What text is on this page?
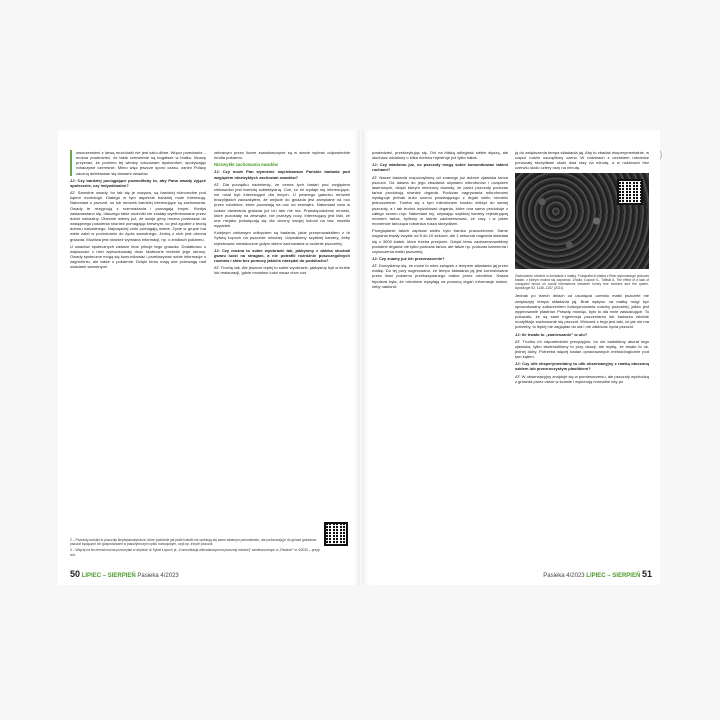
owoczerwieni z larwą muchówki nie jest szko-dliwe. Wręcz przeciwnie – można powiedzieć, że takie czerwienie są bogatsze w białko. Muszę przyznać, że pomimo tej wiedzy odczuwam dyskomfort, spożywając robaczywe czereśnie. Mimo więc jeszcze sporo czasu, zanim Polacy zaczną delektować się larwami owadów.

JJ: Czy bardziej pociągające pozwoliłoby to, aby Pana owady żyjące społecznie, czy indywidualne?

AT: Samotne owady, bo tak się je nazywa, są bardziej różnorodne pod kątem morfologii. Dlatego w tym aspekcie bardziej mnie interesują. Natomiast u pszczół, os lub mrówek bardziej interesujące są zachowania. Owady te rezygnują z rozmnażania i pomagają innym. Kiedyś zastanawiano się, dlaczego takie osobniki nie zostały wyeliminowane przez dobór naturalny. Obecnie wiemy już, że swoje geny można przekazać do następnego pokolenia również pomagając krewnym, co jest zgodne z teorią doboru naturalnego. Najczęściej córki pomagają matce. Życie w grupie ma wiele zalet w porównaniu do życia samotnego. Jedną z nich jest obrona gniazda. Możliwa jest również wymiana informacji, np. o źródłach pokarmu.

U owadów społecznych zawsze ktoś pilnuje tego gniazda. Dodatkowo u większości z nich wyewoluowały dość skuteczne techniki jego obrony. Owady społeczne mogą się komunikować i przekazywać sobie informacje o zagrożeniu, ale także o pokarmie. Dzięki temu mają one przewagę nad owadami samotnymi.

zebranym przez liczne zwiadowczynie są w stanie wybrać odpowiednie źródła pokarmu.

Niezwykłe zachowania owadów

JJ: Czy może Pan wymienić najciekawsze Pańskie badania pod względem niezwykłych zachowań owadów?

AT: Dla porządku nadmienię, że cenna tych badań pod względem ciekawości jest kwestią subiektywną. Coś, co mi wydaje się interesujące, nie musi być interesujące dla innych. U pewnego gatunku mrówek brazylijskich zauważyłem, że wejście do gniazda jest zamykane na noc przez robotnice, które pozostają na noc na zewnątrz. Natomiast rano w czasie otwierania gniazda już ich tam nie ma. Prawdopodobnie mrówki, które pozostały na zewnątrz, nie przeżyły nocy. Interesujący jest fakt, że one niejako poświęcają się dla obrony swojej kolonii na tzw. wszelki wypadek.

Kolejnym ciekawym odkryciem są badania, jakie przeprowadziłem z dr Sylwią Łopoch na pszczole miodnej. Używaliśmy szybkiej kamery, żeby rejestrować niewidoczne gołym okiem zachowania w rodzinie pszczelej.

JJ: Czy można to sobie wyobrazić tak, jakbyśmy z daleka słuchali gwaru ludzi na stragani, a nie potrafili rozróżnić poszczególnych rozmów i słów bez pomocy jakichś narzędzi do podsłuchu?

AT: Trochę tak. Ale jeszcze lepiej to sobie wyobrazić, jakbyśmy byli w klubie lub restauracji, gdzie mnóstwo ludzi naraz chce coś

2 – Pszczoły-kukułki to pszczoły kleptopasożytnicze, które podobnie jak ptaki kukułki nie opiekują się same własnym potomstwem, ale podrzucają je do gniazd gatunków pszczół będących ich gospodarzami w pasożytniczym cyklu rozwojowym, czyli np. innych pszczół.

3 – Więcej na ten temat można przeczytać w artykule dr Sylwii Łopoch pt. „Komunikacja wibroakustyczna pszczoły miodnej” zamieszczonym w „Pasiece” nr 4/2020 – przyp. red.

50 LIPIEC – SIERPIEŃ Pasieka 4/2023

powiedzieć, przekrzykując się. Oni na bliską odległość siebie słyszą, ale słuchacz oddalony o kilka metrów rejestruje już tylko hałas.

JJ: Czy wiadomo już, co pszczoły mogą sobie komunikować takimi ruchami?

AT: Nasze badania rozpoczęliśmy od znanego już dobrze zjawiska tańca pszczół. Od dawna do jego zbadania używano mikrofonów i urządzeń laserowych, dzięki którym mierzony dowody, że przez pszczoły podczas tańca produkują również drgania. Podczas nagrywania mikrofonami występuje jednak dużo szumu powstającego z drgań wielu robotnic jednocześnie. Trzeba się z tym mikrofonem bardzo zbliżyć do samej pszczoły, a i tak trudno wyizolować drgania, które ona sama produkuje z całego szumu roju. Natomiast my, używając szybkiej kamery rejestrującej moment tańca, byliśmy w stanie zaobserwować, że razy i w jakim momencie tańcząca robotnica rusza skrzydłami.

Przeglądanie takich zapisów wideo było bardzo pracochłonne. Same nagrania trwały zwykle od 5 do 10 sekund, ale 1 sekunda nagrania składała się z 3000 klatek, które trzeba przejrzeć. Dzięki temu zaobserwowaliśmy podobne drgania nie tylko podczas tańca, ale także np. podczas karmienia i czyszczenia matki pszczelej.

JJ: Czy znamy już ich przeznaczenie?

AT: Domyślamy się, że może to mieć związek z tempem składania jaj przez matkę. Do tej pory sugerowano, że tempo składania jaj jest kontrolowane przez ilość pokarmu przekazywanego matce przez robotnice. Nasza hipoteza była, że robotnice wysyłają za pomocą drgań informacje matce, żeby nakłonić

ją do zwiększenia tempa składania jaj. Aby to zbadać eksperymentalnie, w części rodzin usunęliśmy czerw. W rodzinach z czerwiem robotnice poruszały skrzydłami około dwa razy na minutę, a w rodzinach bez czerwiu około cztery razy na minutę.

Zachowanie robotnic w kontakcie z matką. Fotografia to klatka z filmu wykonanego podczas badań, z którym można się zapoznać. Źródło: Łopoch S., Tofilski A. The effect of a lack of uncapped brood on social interactions between honey bee workers and the queen. Apidologie 52, 1146–1157 (2021).

Jednak po trzech dniach od usunięcia czerwiu matki pszczele nie zwiększyły tempa składania jaj. Brak wpływu na matkę mógł być spowodowany zaburzeniem funkcjonowania rodziny pszczelej, jakim jest wypinowanie plastrów. Prawdę mówiąc, było to dla mnie zaskakujące. To pokazało, że są sami ingerencja pszczelarza lub badacza istotnie modyfikuje zachowanie się pszczół. Wniosek z tego jest taki, że jak nie ma potrzeby, to lepiej nie zaglądać do ula i nie zakłócać życia pszczół.

JJ: Ile trwało to „zamieszanie” w ulu?

AT: Trudno mi odpowiedzieć precyzyjnie, bo nie badaliśmy akurat tego zjawiska, tylko stwierdziliśmy to przy okazji, ale myślę, że trwało to ok. jednej doby. Potrzeba więcej badań opracowanych metodologicznie pod tym kątem.

JJ: Czy ulik eksperymentalny to ulik obserwacyjny z ramką otoczoną szkłem lub przezroczystym plastikiem?

AT: W obserwacyjny znajduje się w pomieszczeniu, ale pszczoły wychodzą z gniazda przez otwór w ścianie i wykonują normalne loty po

Pasieka 4/2023 LIPIEC – SIERPIEŃ 51
